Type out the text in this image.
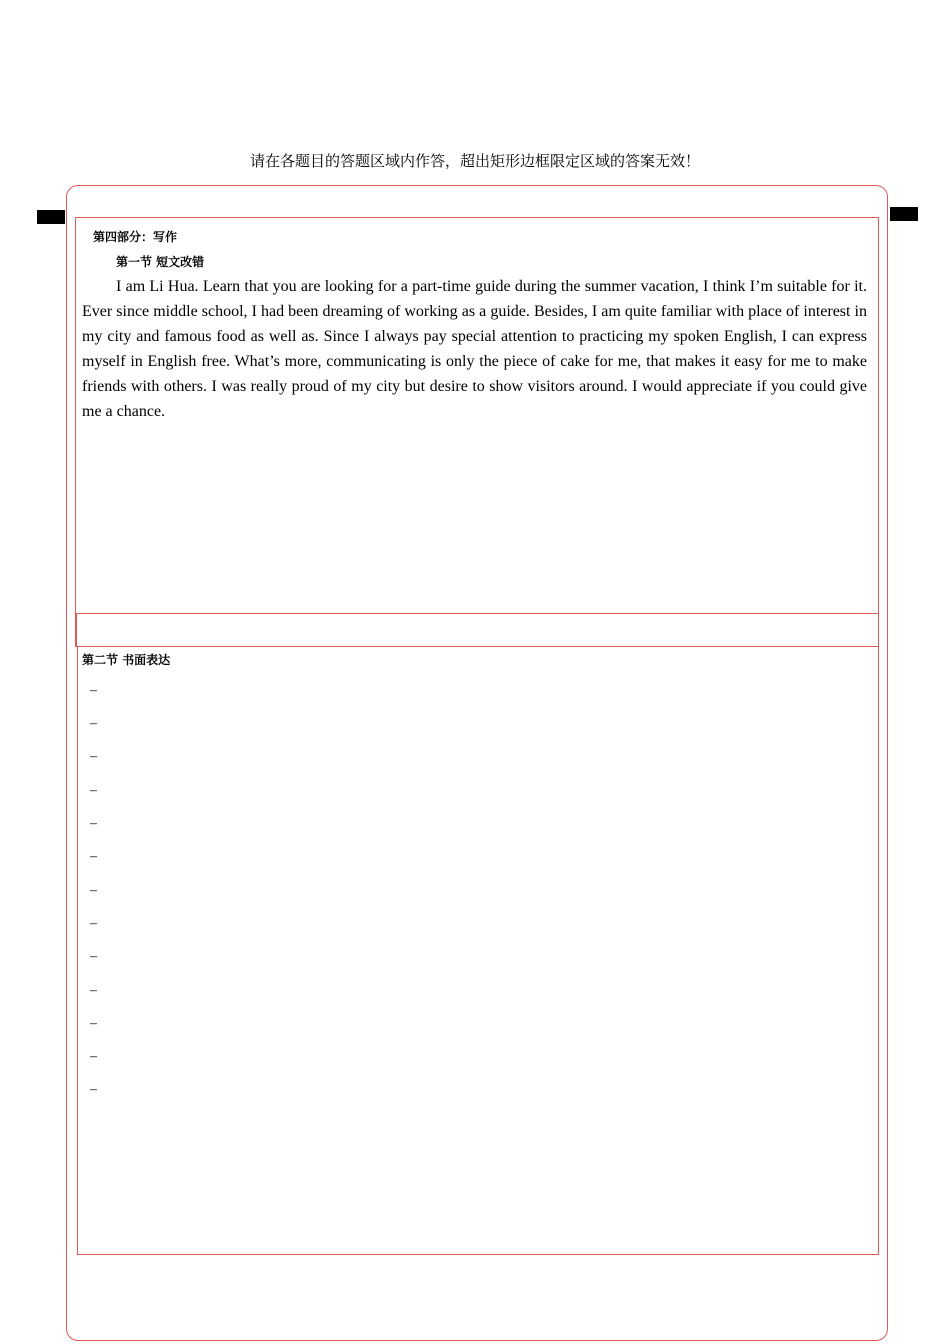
请在各题目的答题区域内作答，超出矩形边框限定区域的答案无效！
第四部分：写作
第一节 短文改错

I am Li Hua. Learn that you are looking for a part-time guide during the summer vacation, I think I’m suitable for it. Ever since middle school, I had been dreaming of working as a guide. Besides, I am quite familiar with place of interest in my city and famous food as well as. Since I always pay special attention to practicing my spoken English, I can express myself in English free. What’s more, communicating is only the piece of cake for me, that makes it easy for me to make friends with others. I was really proud of my city but desire to show visitors around. I would appreciate if you could give me a chance.

第二节 书面表达
–
–
–
–
–
–
–
–
–
–
–
–
–
